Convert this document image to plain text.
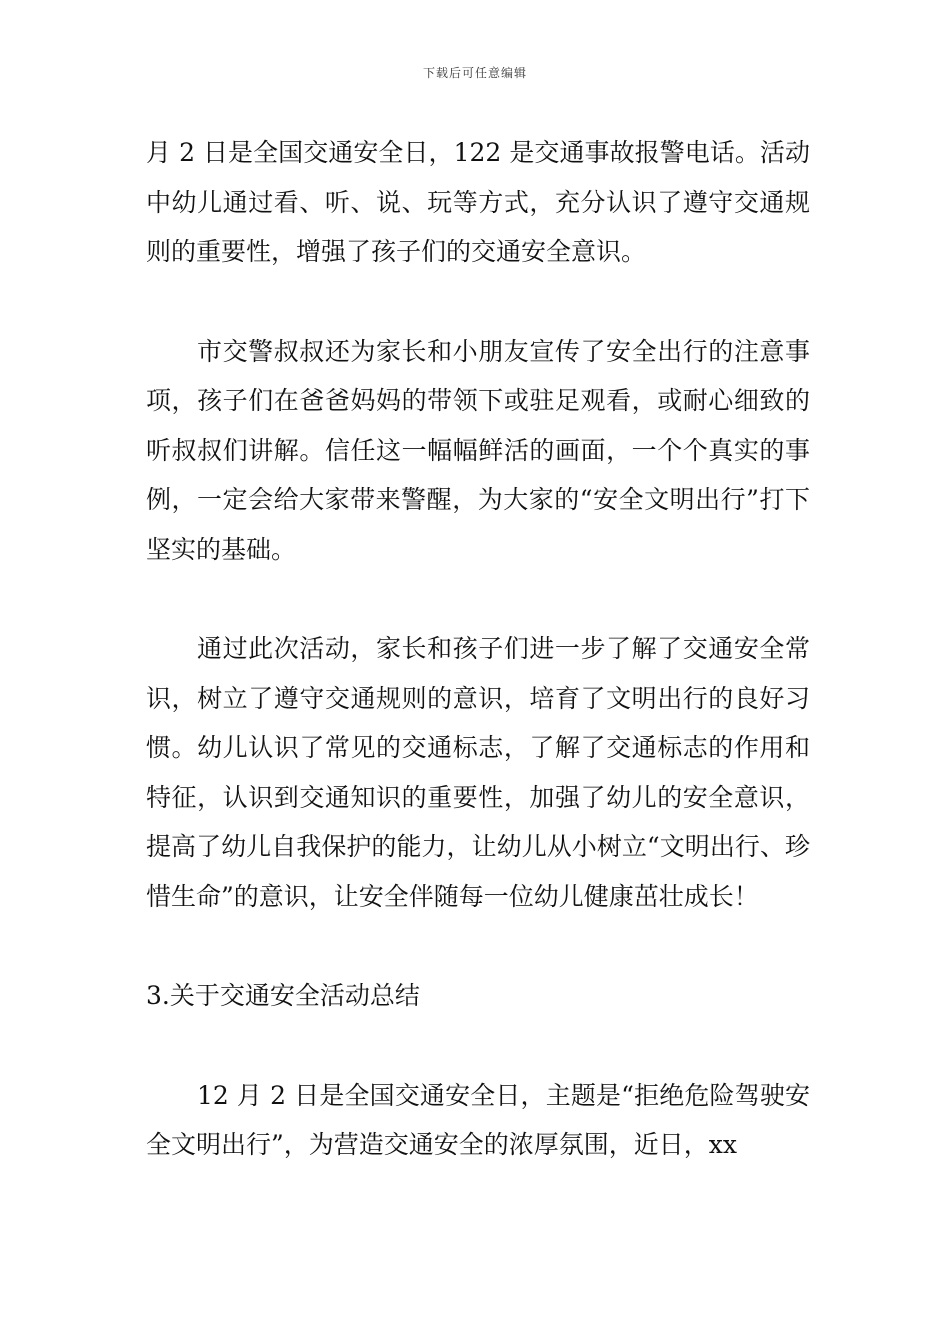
下载后可任意编辑

月 2 日是全国交通安全日，122 是交通事故报警电话。活动中幼儿通过看、听、说、玩等方式，充分认识了遵守交通规则的重要性，增强了孩子们的交通安全意识。

市交警叔叔还为家长和小朋友宣传了安全出行的注意事项，孩子们在爸爸妈妈的带领下或驻足观看，或耐心细致的听叔叔们讲解。信任这一幅幅鲜活的画面，一个个真实的事例，一定会给大家带来警醒，为大家的“安全文明出行”打下坚实的基础。

通过此次活动，家长和孩子们进一步了解了交通安全常识，树立了遵守交通规则的意识，培育了文明出行的良好习惯。幼儿认识了常见的交通标志，了解了交通标志的作用和特征，认识到交通知识的重要性，加强了幼儿的安全意识，提高了幼儿自我保护的能力，让幼儿从小树立“文明出行、珍惜生命”的意识，让安全伴随每一位幼儿健康茁壮成长！

3.关于交通安全活动总结

12 月 2 日是全国交通安全日，主题是“拒绝危险驾驶安全文明出行”，为营造交通安全的浓厚氛围，近日，xx
